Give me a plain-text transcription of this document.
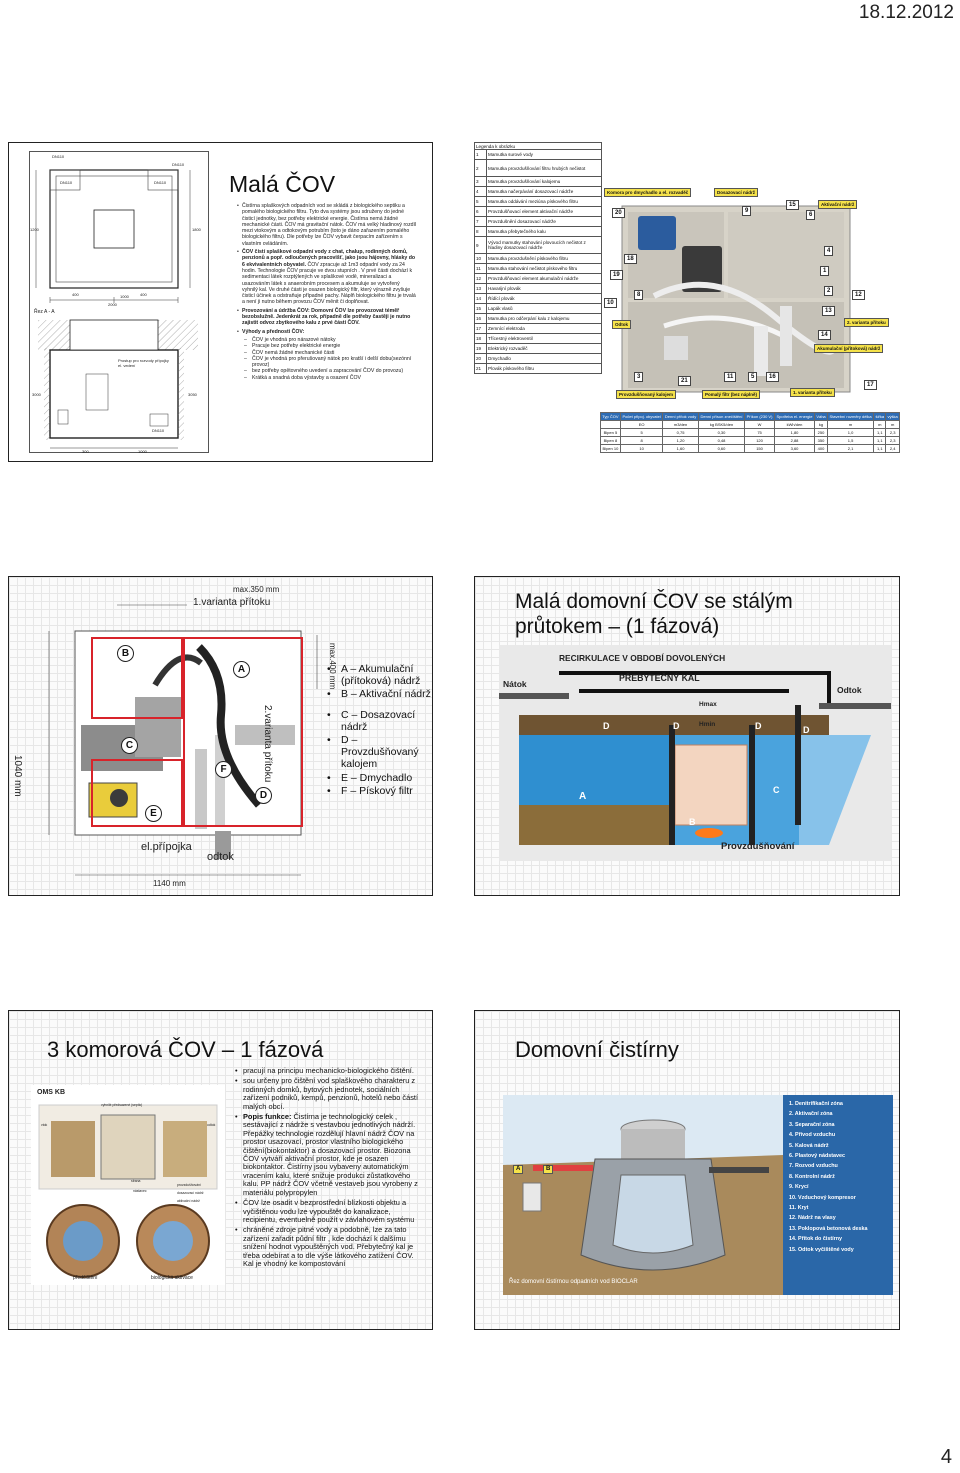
18.12.2012
DN110
DN110
DN110	DN110
400	400
1000
2000
1200	1800
Řez A - A
3000	3050
300	1000
Prostup pro rozvody přípojky el. vedení
DN110
Malá ČOV

• Čistírna splaškových odpadních vod se skládá z biologického septiku a pomalého biologického filtru. Tyto dva systémy jsou sdruženy do jedné čisticí jednotky, bez potřeby elektrické energie. Čistírna nemá žádné mechanické části. ČOV má gravitační nátok. ČOV má velký hladinový rozdíl mezi vtokovým a odtokovým potrubím (toto je dáno zařazením pomalého biologického filtru). Dle potřeby lze ČOV vybavit čerpacím zařízením s vlastním ovládáním.

• ČOV čistí splaškové odpadní vody z chat, chalup, rodinných domů, penzionů a popř. odloučených pracovišť, jako jsou hájovny, hlásky do 6 ekvivalentních obyvatel. ČOV zpracuje až 1m3 odpadní vody za 24 hodin. Technologie ČOV pracuje ve dvou stupních . V prvé části dochází k sedimentaci látek rozptýlených ve splaškové vodě, mineralizaci a usazováním látek s anaerobním procesem a akumuluje se vytvořený vyhnilý kal. Ve druhé části je osazen biologický filtr, který výrazně zvyšuje čisticí účinek a odstraňuje případné pachy. Náplň biologického filtru je trvalá a není ji nutno během provozu ČOV měnit či doplňovat.

• Provozování a údržba ČOV: Domovní ČOV lze provozovat téměř bezobslužně. Jedenkrát za rok, případně dle potřeby častěji je nutno zajistit odvoz zbytkového kalu z prvé části ČOV.

• Výhody a přednosti ČOV:

– ČOV je vhodná pro nárazové nátoky

– Pracuje bez potřeby elektrické energie

– ČOV nemá žádné mechanické části

– ČOV je vhodná pro přerušovaný nátok pro kratší i delší dobu(sezónní provoz)

– bez potřeby opětovného uvedení a zapracování ČOV do provozu)

– Krátká a snadná doba výstavby a osazení ČOV

Legenda k obrázku	
1	Mamutka surové vody
2	Mamutka provzdušňování filtru hrubých nečistot
3	Mamutka provzdušňování kalojemu
4	Mamutka načerpávání dosazovací nádrže
5	Mamutka oddávání meziúna pískového filtru
6	Provzdušňovací element aktivační nádrže
7	Provzdušnění dosazovací nádrže
8	Mamutka přebytečného kalu
9	Vývod mamutky stahování plovoucích nečistot z hladiny dosazovací nádrže
10	Mamutka provzdušnění pískového filtru
11	Mamutka stahování nečistot pískového filtru
12	Provzdušňovací element akumulační nádrže
13	Havarijní plovák
14	Řídící plovák
15	Lapák vlasů
16	Mamutka pro odčerpání kalu z kalojemu
17	Zemnící elektroda
18	Třícestný elektroventil
19	Elektrický rozvaděč
20	Dmychadlo
21	Plovák pískového filtru
Komora pro dmychadlo a el. rozvaděč	Dosazovací nádrž
Aktivační nádrž
Provzdušňovaný kalojem	Pomalý filtr (bez náplně)	1. varianta přítoku
2. varianta přítoku
Akumulační (přítoková) nádrž
Odtok
20
18
19
8
10
9
15
6
4
1
2
12
13
14
3
21
11	5	16
17
Typ ČOV	Počet připoj. obyvatel	Denní přítok vody	Denní přísun znečištění	Příkon (230 V)	Spotřeba el. energie	Váha	Stavební rozměry délka	šířka	výška
	EO	m3/den	kg BSK5/den	W	kWh/den	kg	m	m	m
Bipen 5	5	0,75	0,30	75	1,80	250	1,0	1,1	2,3
Bipen 8	8	1,20	0,48	120	2,88	350	1,5	1,1	2,3
Bipen 10	10	1,60	0,60	150	3,60	400	2,1	1,1	2,4
max.350 mm
1.varianta přítoku
2.varianta přítoku
max.400 mm
1040 mm
1140 mm
el.přípojka
odtok
B
A
C
F
D
E
• A – Akumulační (přítoková) nádrž
• B – Aktivační nádrž
• C – Dosazovací nádrž
• D – Provzdušňovaný kalojem
• E – Dmychadlo
• F – Pískový filtr
Malá domovní ČOV se stálým průtokem – (1 fázová)
RECIRKULACE V OBDOBÍ DOVOLENÝCH
PŘEBYTEČNÝ KAL
Nátok
Odtok
Hmax
Hmin
A
B
D	D	D
C
D
Provzdušňování
3 komorová ČOV – 1 fázová
OMS KB
vyhnilé předsazené (septic)
vtok	odtok
provzdušňování
dosazovací nádrž
aktivační nádrž
předčištění	biologická aktivace
strana
nástavec

• pracují na principu mechanicko-biologického čištění.

• sou určeny pro čištění vod splaškového charakteru z rodinných domků, bytových jednotek, sociálních zařízení podniků, kempů, penzionů, hotelů nebo částí malých obcí.

• Popis funkce: Čistírna je technologický celek , sestávající z nádrže s vestavbou jednotlivých nádrží. Přepážky technologie rozdělují hlavní nádrž ČOV na prostor usazovací, prostor vlastního biologického čištění(biokontaktor) a dosazovací prostor. Biozona ČOV vytváří aktivační prostor, kde je osazen biokontaktor. Čistírny jsou vybaveny automatickým vracením kalu, které snižuje produkci zůstatkového kalu. PP nádrž ČOV včetně vestaveb jsou vyrobeny z materiálu polypropylen

• ČOV lze osadit v bezprostřední blízkosti objektu a vyčištěnou vodu lze vypouštět do kanalizace, recipientu, eventuelně použít v závlahovém systému

• chráněné zdroje pitné vody a podobně, lze za tato zařízení zařadit půdní filtr , kde dochází k dalšímu snížení hodnot vypouštěných vod. Přebytečný kal je třeba odebírat a to dle výše látkového zatížení ČOV. Kal je vhodný ke kompostování

Domovní čistírny
A	B
Řez domovní čistírnou odpadních vod BIOCLAR
1. Denitrifikační zóna
2. Aktivační zóna
3. Separační zóna
4. Přívod vzduchu
5. Kalová nádrž
6. Plastový nádstavec
7. Rozvod vzduchu
8. Kontrolní nádrž
9. Krycí
10. Vzduchový kompresor
11. Kryt
12. Nádrž na vlasy
13. Poklopová betonová deska
14. Přítok do čistírny
15. Odtok vyčištěné vody
4
